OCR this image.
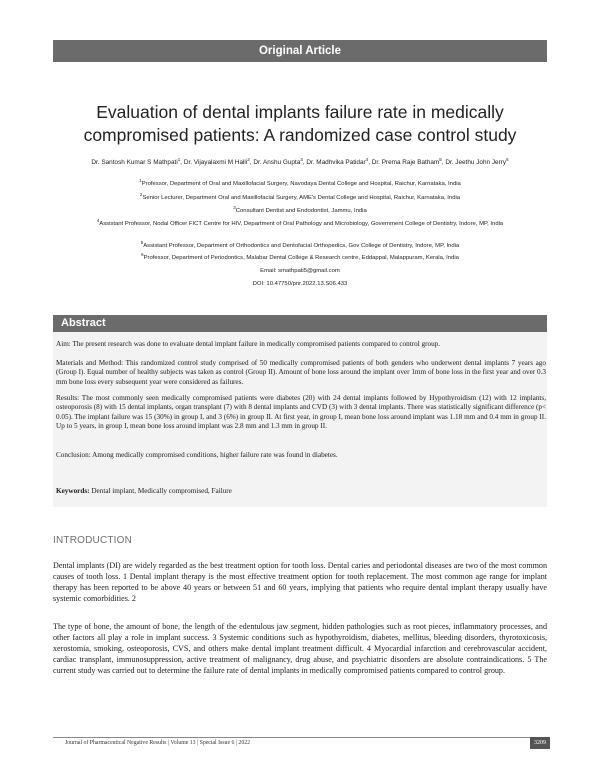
Original Article
Evaluation of dental implants failure rate in medically
compromised patients: A randomized case control study
Dr. Santosh Kumar S Mathpati$^1$, Dr. Vijayalaxmi M Halli$^2$, Dr. Anshu Gupta$^3$, Dr. Madhvika Patidar$^4$, Dr. Prema Raje Batham$^5$, Dr. Jeethu John Jerry$^6$
$^1$Professor, Department of Oral and Maxillofacial Surgery, Navodaya Dental College and Hospital, Raichur, Karnataka, India
$^2$Senior Lecturer, Department Oral and Maxillofacial Surgery, AME's Dental College and Hospital, Raichur, Karnataka, India
$^3$Consultant Dentist and Endodontist, Jammu, India
$^4$Assistant Professor, Nodal Officer FICT Centre for HIV, Department of Oral Pathology and Microbiology, Government College of Dentistry, Indore, MP, India
$^5$Assistant Professor, Department of Orthodontics and Dentofacial Orthopedics, Gov College of Dentistry, Indore, MP, India
$^6$Professor, Department of Periodontics, Malabar Dental College & Research centre, Eddappal, Malappuram, Kerala, India
Email: smathpati5@gmail.com
DOI: 10.47750/pnr.2022.13.S06.433
Abstract
Aim: The present research was done to evaluate dental implant failure in medically compromised patients compared to control group.
Materials and Method: This randomized control study comprised of 50 medically compromised patients of both genders who underwent dental implants 7 years ago (Group I). Equal number of healthy subjects was taken as control (Group II). Amount of bone loss around the implant over 1mm of bone loss in the first year and over 0.3 mm bone loss every subsequent year were considered as failures.
Results: The most commonly seen medically compromised patients were diabetes (20) with 24 dental implants followed by Hypothyroidism (12) with 12 implants, osteoporosis (8) with 15 dental implants, organ transplant (7) with 8 dental implants and CVD (3) with 3 dental implants. There was statistically significant difference (p< 0.05). The implant failure was 15 (30%) in group I, and 3 (6%) in group II. At first year, in group I, mean bone loss around implant was 1.18 mm and 0.4 mm in group II. Up to 5 years, in group I, mean bone loss around implant was 2.8 mm and 1.3 mm in group II.
Conclusion: Among medically compromised conditions, higher failure rate was found in diabetes.
Keywords: Dental implant, Medically compromised, Failure
INTRODUCTION
Dental implants (DI) are widely regarded as the best treatment option for tooth loss. Dental caries and periodontal diseases are two of the most common causes of tooth loss. 1 Dental implant therapy is the most effective treatment option for tooth replacement. The most common age range for implant therapy has been reported to be above 40 years or between 51 and 60 years, implying that patients who require dental implant therapy usually have systemic comorbidities. 2
The type of bone, the amount of bone, the length of the edentulous jaw segment, hidden pathologies such as root pieces, inflammatory processes, and other factors all play a role in implant success. 3 Systemic conditions such as hypothyroidism, diabetes, mellitus, bleeding disorders, thyrotoxicosis, xerostomia, smoking, osteoporosis, CVS, and others make dental implant treatment difficult. 4 Myocardial infarction and cerebrovascular accident, cardiac transplant, immunosuppression, active treatment of malignancy, drug abuse, and psychiatric disorders are absolute contraindications. 5 The current study was carried out to determine the failure rate of dental implants in medically compromised patients compared to control group.
Journal of Pharmaceutical Negative Results | Volume 13 | Special Issue 6 | 2022	3209
